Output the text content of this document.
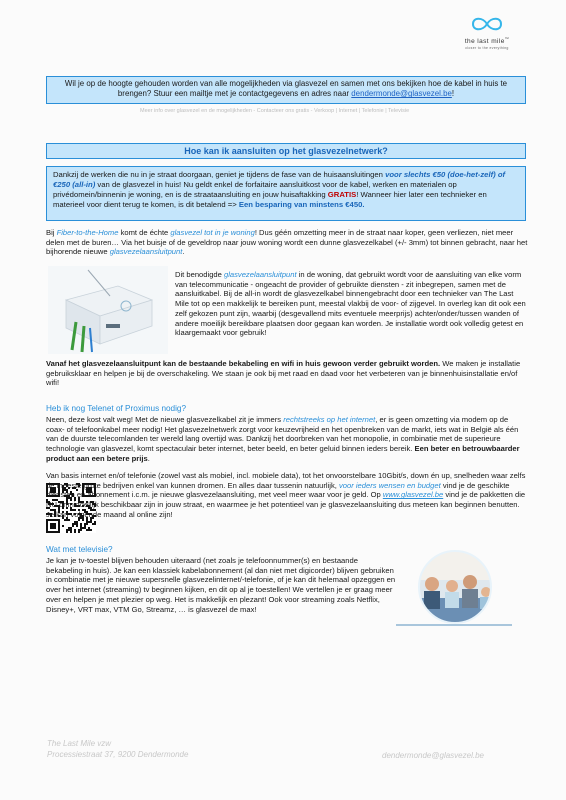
the last mile™
closer to the everything
Wil je op de hoogte gehouden worden van alle mogelijkheden via glasvezel en samen met ons bekijken hoe de kabel in huis te brengen? Stuur een mailtje met je contactgegevens en adres naar dendermonde@glasvezel.be!
Meer info over glasvezel en de mogelijkheden - Contacteer ons gratis - Verkoop | Internet | Telefonie | Televisie
Hoe kan ik aansluiten op het glasvezelnetwerk?
Dankzij de werken die nu in je straat doorgaan, geniet je tijdens de fase van de huisaansluitingen voor slechts €50 (doe-het-zelf) of €250 (all-in) van de glasvezel in huis! Nu geldt enkel de forfaitaire aansluitkost voor de kabel, werken en materialen op privédomein/binnenin je woning, en is de straataansluiting en jouw huisaftakking GRATIS! Wanneer hier later een technieker en materieel voor dient terug te komen, is dit betalend => Een besparing van minstens €450.
Bij Fiber-to-the-Home komt de échte glasvezel tot in je woning! Dus géén omzetting meer in de straat naar koper, geen verliezen, niet meer delen met de buren… Via het buisje of de geveldrop naar jouw woning wordt een dunne glasvezelkabel (+/- 3mm) tot binnen gebracht, naar het bijhorende nieuwe glasvezelaansluitpunt.
Dit benodigde glasvezelaansluitpunt in de woning, dat gebruikt wordt voor de aansluiting van elke vorm van telecommunicatie - ongeacht de provider of gebruikte diensten - zit inbegrepen, samen met de aansluitkabel. Bij de all-in wordt de glasvezelkabel binnengebracht door een technieker van The Last Mile tot op een makkelijk te bereiken punt, meestal vlakbij de voor- of zijgevel. In overleg kan dit ook een zelf gekozen punt zijn, waarbij (desgevallend mits eventuele meerprijs) achter/onder/tussen wanden of andere moeilijk bereikbare plaatsen door gegaan kan worden. Je installatie wordt ook volledig getest en klaargemaakt voor gebruik!
Vanaf het glasvezelaansluitpunt kan de bestaande bekabeling en wifi in huis gewoon verder gebruikt worden. We maken je installatie gebruiksklaar en helpen je bij de overschakeling. We staan je ook bij met raad en daad voor het verbeteren van je binnenhuisinstallatie en/of wifi!
Heb ik nog Telenet of Proximus nodig?
Neen, deze kost valt weg! Met de nieuwe glasvezelkabel zit je immers rechtstreeks op het internet, er is geen omzetting via modem op de coax- of telefoonkabel meer nodig! Het glasvezelnetwerk zorgt voor keuzevrijheid en het openbreken van de markt, iets wat in België als één van de duurste telecomlanden ter wereld lang overtijd was. Dankzij het doorbreken van het monopolie, in combinatie met de superieure technologie van glasvezel, komt spectaculair beter internet, beter beeld, en beter geluid binnen ieders bereik. Een beter en betrouwbaarder product aan een betere prijs.
Van basis internet en/of telefonie (zowel vast als mobiel, incl. mobiele data), tot het onvoorstelbare 10Gbit/s, down én up, snelheden waar zelfs de meeste grote bedrijven enkel van kunnen dromen. En alles daar tussenin natuurlijk, voor ieders wensen en budget vind je de geschikte diensten en abonnement i.c.m. je nieuwe glasvezelaansluiting, met veel meer waar voor je geld. Op www.glasvezel.be vind je de pakketten die NU onmiddellijk beschikbaar zijn in jouw straat, en waarmee je het potentieel van je glasvezelaansluiting dus meteen kan beginnen benutten. Je kan volgende maand al online zijn!
Wat met televisie?
Je kan je tv-toestel blijven behouden uiteraard (net zoals je telefoonnummer(s) en bestaande bekabeling in huis). Je kan een klassiek kabelabonnement (al dan niet met digicorder) blijven gebruiken in combinatie met je nieuwe supersnelle glasvezelinternet/-telefonie, of je kan dit helemaal opzeggen en over het internet (streaming) tv beginnen kijken, en dit op al je toestellen! We vertellen je er graag meer over en helpen je met plezier op weg. Het is makkelijk en plezant! Ook voor streaming zoals Netflix, Disney+, VRT max, VTM Go, Streamz, … is glasvezel de max!
The Last Mile vzw
Processiestraat 37, 9200 Dendermonde	dendermonde@glasvezel.be
